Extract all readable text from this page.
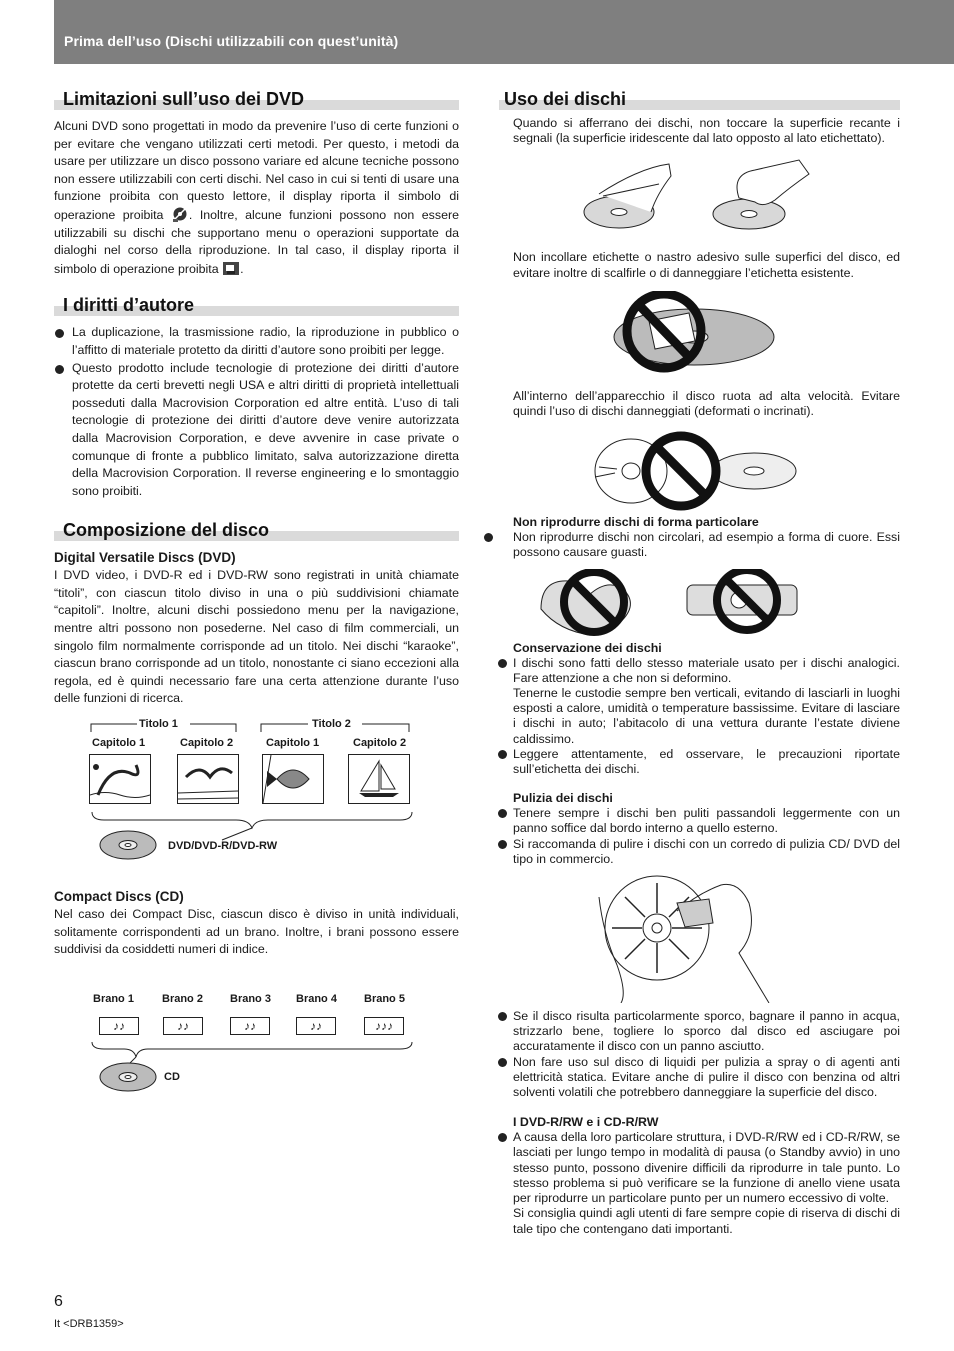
Prima dell’uso (Dischi utilizzabili con quest’unità)
Limitazioni sull’uso dei DVD

Alcuni DVD sono progettati in modo da prevenire l’uso di certe funzioni o per evitare che vengano utilizzati certi metodi. Per questo, i metodi da usare per utilizzare un disco possono variare ed alcune tecniche possono non essere utilizzabili con certi dischi. Nel caso in cui si tenti di usare una funzione proibita con questo lettore, il display riporta il simbolo di operazione proibita . Inoltre, alcune funzioni possono non essere utilizzabili su dischi che supportano menu o operazioni supportate da dialoghi nel corso della riproduzione. In tal caso, il display riporta il simbolo di operazione proibita .

I diritti d’autore
La duplicazione, la trasmissione radio, la riproduzione in pubblico o l’affitto di materiale protetto da diritti d’autore sono proibiti per legge.
Questo prodotto include tecnologie di protezione dei diritti d’autore protette da certi brevetti negli USA e altri diritti di proprietà intellettuali posseduti dalla Macrovision Corporation ed altre entità. L’uso di tali tecnologie di protezione dei diritti d’autore deve venire autorizzata dalla Macrovision Corporation, e deve avvenire in case private o comunque di fronte a pubblico limitato, salva autorizzazione diretta della Macrovision Corporation. Il reverse engineering e lo smontaggio sono proibiti.
Composizione del disco

Digital Versatile Discs (DVD)

I DVD video, i DVD-R ed i DVD-RW sono registrati in unità chiamate “titoli”, con ciascun titolo diviso in una o più suddivisioni chiamate “capitoli”. Inoltre, alcuni dischi possiedono menu per la navigazione, mentre altri possono non posederne. Nel caso di film commerciali, un singolo film normalmente corrisponde ad un titolo. Nei dischi “karaoke”, ciascun brano corrisponde ad un titolo, nonostante ci siano eccezioni alla regola, ed è quindi necessario fare una certa attenzione durante l’uso delle funzioni di ricerca.

Titolo 1	Titolo 2
Capitolo 1	Capitolo 2	Capitolo 1	Capitolo 2
DVD/DVD-R/DVD-RW

Compact Discs (CD)

Nel caso dei Compact Disc, ciascun disco è diviso in unità individuali, solitamente corrispondenti ad un brano. Inoltre, i brani possono essere suddivisi da cosiddetti numeri di indice.

Brano 1	Brano 2 Brano 3 Brano 4 Brano 5
♪♪	♪♪	♪♪	♪♪	♪♪♪
CD
Uso dei dischi

Quando si afferrano dei dischi, non toccare la superficie recante i segnali (la superficie iridescente dal lato opposto al lato etichettato).

Non incollare etichette o nastro adesivo sulle superfici del disco, ed evitare inoltre di scalfirle o di danneggiare l’etichetta esistente.

All’interno dell’apparecchio il disco ruota ad alta velocità. Evitare quindi l’uso di dischi danneggiati (deformati o incrinati).

Non riprodurre dischi di forma particolare

Non riprodurre dischi non circolari, ad esempio a forma di cuore. Essi possono causare guasti.

Conservazione dei dischi

I dischi sono fatti dello stesso materiale usato per i dischi analogici. Fare attenzione a che non si deformino.
Tenerne le custodie sempre ben verticali, evitando di lasciarli in luoghi esposti a calore, umidità o temperature bassissime. Evitare di lasciare i dischi in auto; l’abitacolo di una vettura durante l’estate diviene caldissimo.
Leggere attentamente, ed osservare, le precauzioni riportate sull’etichetta dei dischi.

Pulizia dei dischi

Tenere sempre i dischi ben puliti passandoli leggermente con un panno soffice dal bordo interno a quello esterno.
Si raccomanda di pulire i dischi con un corredo di pulizia CD/ DVD del tipo in commercio.
Se il disco risulta particolarmente sporco, bagnare il panno in acqua, strizzarlo bene, togliere lo sporco dal disco ed asciugare poi accuratamente il disco con un panno asciutto.
Non fare uso sul disco di liquidi per pulizia a spray o di agenti anti elettricità statica. Evitare anche di pulire il disco con benzina od altri solventi volatili che potrebbero danneggiare la superficie del disco.

I DVD-R/RW e i CD-R/RW

A causa della loro particolare struttura, i DVD-R/RW ed i CD-R/RW, se lasciati per lungo tempo in modalità di pausa (o Standby avvio) in uno stesso punto, possono divenire difficili da riprodurre in tale punto. Lo stesso problema si può verificare se la funzione di anello viene usata per riprodurre un particolare punto per un numero eccessivo di volte.
Si consiglia quindi agli utenti di fare sempre copie di riserva di dischi di tale tipo che contengano dati importanti.
6
It <DRB1359>
